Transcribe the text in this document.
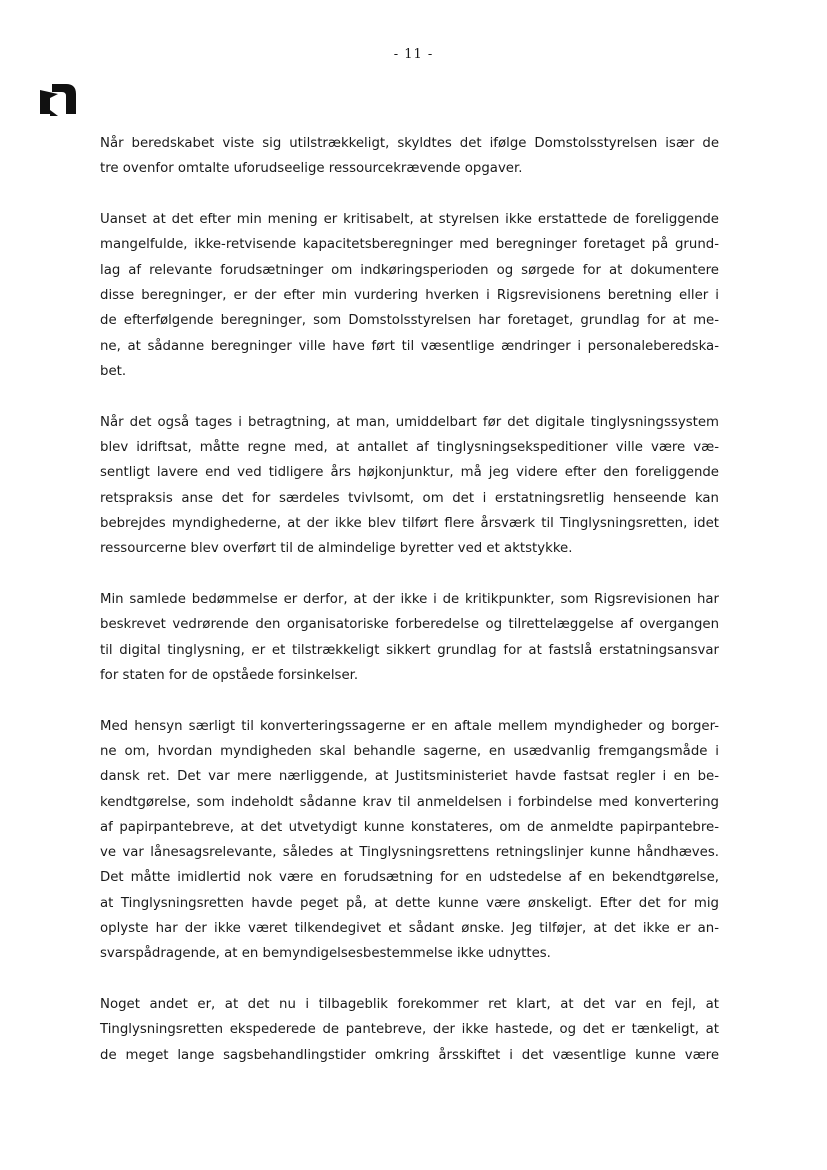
- 11 -

Når beredskabet viste sig utilstrækkeligt, skyldtes det ifølge Domstolsstyrelsen især de
tre ovenfor omtalte uforudseelige ressourcekrævende opgaver.

Uanset at det efter min mening er kritisabelt, at styrelsen ikke erstattede de foreliggende
mangelfulde, ikke-retvisende kapacitetsberegninger med beregninger foretaget på grund-
lag af relevante forudsætninger om indkøringsperioden og sørgede for at dokumentere
disse beregninger, er der efter min vurdering hverken i Rigsrevisionens beretning eller i
de efterfølgende beregninger, som Domstolsstyrelsen har foretaget, grundlag for at me-
ne, at sådanne beregninger ville have ført til væsentlige ændringer i personaleberedska-
bet.

Når det også tages i betragtning, at man, umiddelbart før det digitale tinglysningssystem
blev idriftsat, måtte regne med, at antallet af tinglysningsekspeditioner ville være væ-
sentligt lavere end ved tidligere års højkonjunktur, må jeg videre efter den foreliggende
retspraksis anse det for særdeles tvivlsomt, om det i erstatningsretlig henseende kan
bebrejdes myndighederne, at der ikke blev tilført flere årsværk til Tinglysningsretten, idet
ressourcerne blev overført til de almindelige byretter ved et aktstykke.

Min samlede bedømmelse er derfor, at der ikke i de kritikpunkter, som Rigsrevisionen har
beskrevet vedrørende den organisatoriske forberedelse og tilrettelæggelse af overgangen
til digital tinglysning, er et tilstrækkeligt sikkert grundlag for at fastslå erstatningsansvar
for staten for de opståede forsinkelser.

Med hensyn særligt til konverteringssagerne er en aftale mellem myndigheder og borger-
ne om, hvordan myndigheden skal behandle sagerne, en usædvanlig fremgangsmåde i
dansk ret. Det var mere nærliggende, at Justitsministeriet havde fastsat regler i en be-
kendtgørelse, som indeholdt sådanne krav til anmeldelsen i forbindelse med konvertering
af papirpantebreve, at det utvetydigt kunne konstateres, om de anmeldte papirpantebre-
ve var lånesagsrelevante, således at Tinglysningsrettens retningslinjer kunne håndhæves.
Det måtte imidlertid nok være en forudsætning for en udstedelse af en bekendtgørelse,
at Tinglysningsretten havde peget på, at dette kunne være ønskeligt. Efter det for mig
oplyste har der ikke været tilkendegivet et sådant ønske. Jeg tilføjer, at det ikke er an-
svarspådragende, at en bemyndigelsesbestemmelse ikke udnyttes.

Noget andet er, at det nu i tilbageblik forekommer ret klart, at det var en fejl, at
Tinglysningsretten ekspederede de pantebreve, der ikke hastede, og det er tænkeligt, at
de meget lange sagsbehandlingstider omkring årsskiftet i det væsentlige kunne være
